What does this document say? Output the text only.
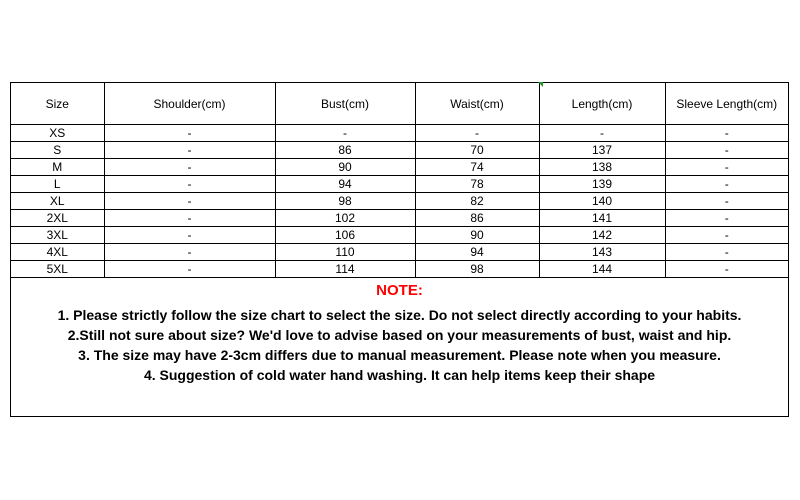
Size	Shoulder(cm)	Bust(cm)	Waist(cm)	Length(cm)	Sleeve Length(cm)
XS	-	-	-	-	-
S	-	86	70	137	-
M	-	90	74	138	-
L	-	94	78	139	-
XL	-	98	82	140	-
2XL	-	102	86	141	-
3XL	-	106	90	142	-
4XL	-	110	94	143	-
5XL	-	114	98	144	-

NOTE:

1. Please strictly follow the size chart to select the size. Do not select directly according to your habits.

2.Still not sure about size? We'd love to advise based on your measurements of bust, waist and hip.

3. The size may have 2-3cm differs due to manual measurement. Please note when you measure.

4. Suggestion of cold water hand washing. It can help items keep their shape
